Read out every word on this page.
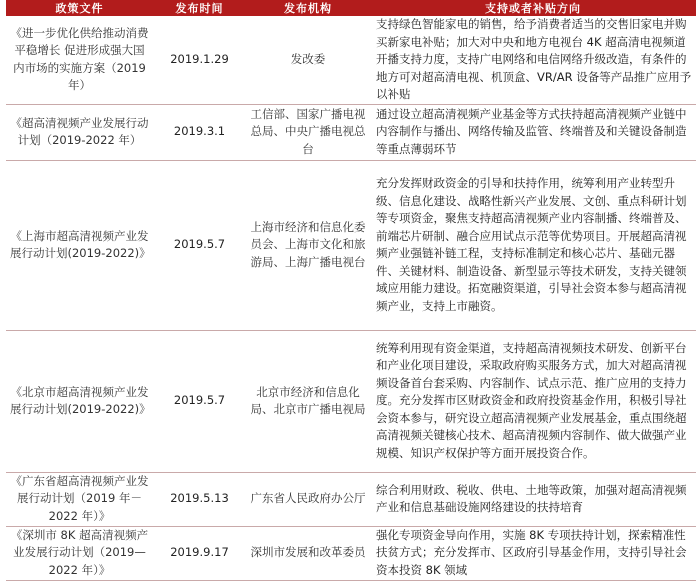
政策文件	发布时间	发布机构	支持或者补贴方向
《进一步优化供给推动消费平稳增长 促进形成强大国内市场的实施方案（2019 年）	2019.1.29	发改委	支持绿色智能家电的销售，给予消费者适当的交售旧家电并购买新家电补贴；加大对中央和地方电视台 4K 超高清电视频道开播支持力度，支持广电网络和电信网络升级改造，有条件的地方可对超高清电视、机顶盒、VR/AR 设备等产品推广应用予以补贴
《超高清视频产业发展行动计划（2019-2022 年）	2019.3.1	工信部、国家广播电视总局、中央广播电视总台	通过设立超高清视频产业基金等方式扶持超高清视频产业链中内容制作与播出、网络传输及监管、终端普及和关键设备制造等重点薄弱环节
《上海市超高清视频产业发展行动计划(2019-2022)》	2019.5.7	上海市经济和信息化委员会、上海市文化和旅游局、上海广播电视台	充分发挥财政资金的引导和扶持作用，统筹利用产业转型升级、信息化建设、战略性新兴产业发展、文创、重点科研计划等专项资金，聚焦支持超高清视频产业内容制播、终端普及、前端芯片研制、融合应用试点示范等优势项目。开展超高清视频产业强链补链工程，支持标准制定和核心芯片、基础元器件、关键材料、制造设备、新型显示等技术研发，支持关键领域应用能力建设。拓宽融资渠道，引导社会资本参与超高清视频产业，支持上市融资。
《北京市超高清视频产业发展行动计划(2019-2022)》	2019.5.7	北京市经济和信息化局、北京市广播电视局	统筹利用现有资金渠道，支持超高清视频技术研发、创新平台和产业化项目建设，采取政府购买服务方式，加大对超高清视频设备首台套采购、内容制作、试点示范、推广应用的支持力度。充分发挥市区财政资金和政府投资基金作用，积极引导社会资本参与，研究设立超高清视频产业发展基金，重点围绕超高清视频关键核心技术、超高清视频内容制作、做大做强产业规模、知识产权保护等方面开展投资合作。
《广东省超高清视频产业发展行动计划（2019 年－2022 年）》	2019.5.13	广东省人民政府办公厅	综合利用财政、税收、供电、土地等政策，加强对超高清视频产业和信息基础设施网络建设的扶持培育
《深圳市 8K 超高清视频产业发展行动计划（2019—2022 年）》	2019.9.17	深圳市发展和改革委员	强化专项资金导向作用，实施 8K 专项扶持计划，探索精准性扶贫方式；充分发挥市、区政府引导基金作用，支持引导社会资本投资 8K 领域
